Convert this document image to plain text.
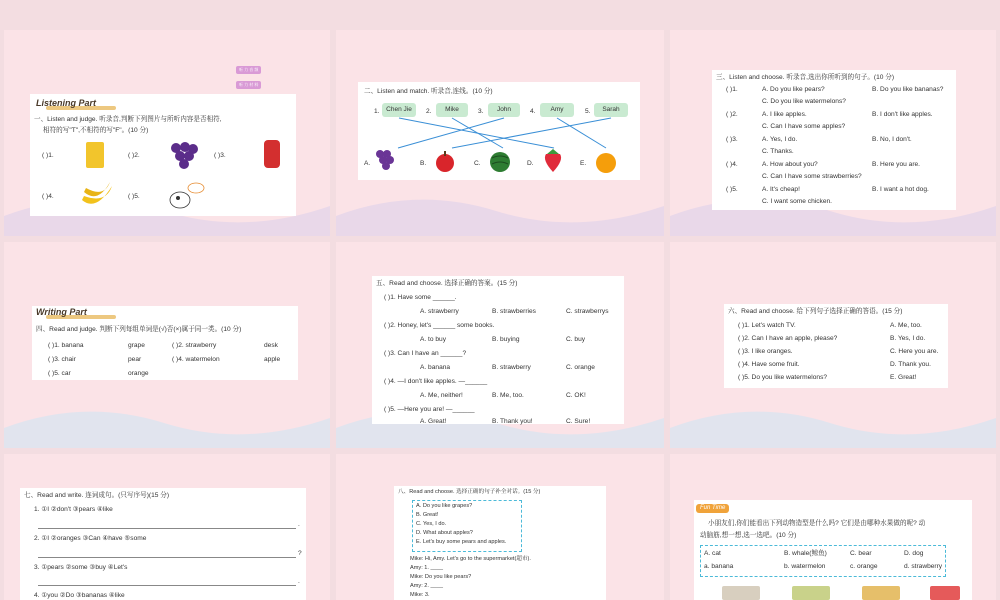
听 力 音 频
听 力 材 料
Listening Part
一、Listen and judge. 听录音,判断下列图片与所听内容是否相符,
相符的写"T",不相符的写"F"。(10 分)
( )1.	( )2.	( )3.
( )4.	( )5.
二、Listen and match. 听录音,连线。(10 分)
1.	Chen Jie	2.	Mike	3.	John	4.	Amy	5.	Sarah
A.	B.	C.	D.	E.
三、Listen and choose. 听录音,选出你所听到的句子。(10 分)
( )1.	A. Do you like pears?	B. Do you like bananas?
C. Do you like watermelons?
( )2.	A. I like apples.	B. I don't like apples.
C. Can I have some apples?
( )3.	A. Yes, I do.	B. No, I don't.
C. Thanks.
( )4.	A. How about you?	B. Here you are.
C. Can I have some strawberries?
( )5.	A. It's cheap!	B. I want a hot dog.
C. I want some chicken.
Writing Part
四、Read and judge. 判断下列每组单词是(√)否(×)属于同一类。(10 分)
( )1. banana	grape	( )2. strawberry	desk
( )3. chair	pear	( )4. watermelon	apple
( )5. car	orange
五、Read and choose. 选择正确的答案。(15 分)
( )1. Have some ______.
A. strawberry	B. strawberries	C. strawberrys
( )2. Honey, let's ______ some books.
A. to buy	B. buying	C. buy
( )3. Can I have an ______?
A. banana	B. strawberry	C. orange
( )4. —I don't like apples. —______
A. Me, neither!	B. Me, too.	C. OK!
( )5. —Here you are! —______
A. Great!	B. Thank you!	C. Sure!
六、Read and choose. 给下列句子选择正确的答语。(15 分)
( )1. Let's watch TV.	A. Me, too.
( )2. Can I have an apple, please?	B. Yes, I do.
( )3. I like oranges.	C. Here you are.
( )4. Have some fruit.	D. Thank you.
( )5. Do you like watermelons?	E. Great!
七、Read and write. 连词成句。(只写序号)(15 分)
1. ①I ②don't ③pears ④like
.
2. ①I ②oranges ③Can ④have ⑤some
?
3. ①pears ②some ③buy ④Let's
.
4. ①you ②Do ③bananas ④like
八、Read and choose. 选择正确的句子补全对话。(15 分)
A. Do you like grapes?
B. Great!
C. Yes, I do.
D. What about apples?
E. Let's buy some pears and apples.
Mike: Hi, Amy. Let's go to the supermarket(超市).
Amy: 1. ____
Mike: Do you like pears?
Amy: 2. ____
Mike: 3.
Fun Time
小朋友们,你们能看出下列动物造型是什么吗? 它们是由哪种水果做的呢? 动
动脑筋,想一想,选一选吧。(10 分)
A. cat	B. whale(鲸鱼)	C. bear	D. dog
a. banana	b. watermelon	c. orange	d. strawberry
